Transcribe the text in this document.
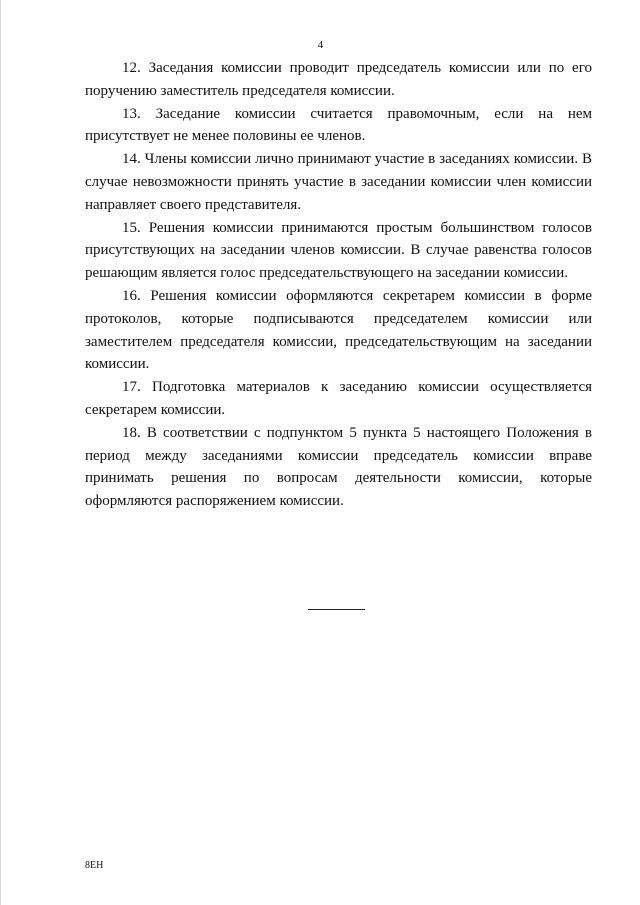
4

12. Заседания комиссии проводит председатель комиссии или по его поручению заместитель председателя комиссии.

13. Заседание комиссии считается правомочным, если на нем присутствует не менее половины ее членов.

14. Члены комиссии лично принимают участие в заседаниях комиссии. В случае невозможности принять участие в заседании комиссии член комиссии направляет своего представителя.

15. Решения комиссии принимаются простым большинством голосов присутствующих на заседании членов комиссии. В случае равенства голосов решающим является голос председательствующего на заседании комиссии.

16. Решения комиссии оформляются секретарем комиссии в форме протоколов, которые подписываются председателем комиссии или заместителем председателя комиссии, председательствующим на заседании комиссии.

17. Подготовка материалов к заседанию комиссии осуществляется секретарем комиссии.

18. В соответствии с подпунктом 5 пункта 5 настоящего Положения в период между заседаниями комиссии председатель комиссии вправе принимать решения по вопросам деятельности комиссии, которые оформляются распоряжением комиссии.

8ЕН
